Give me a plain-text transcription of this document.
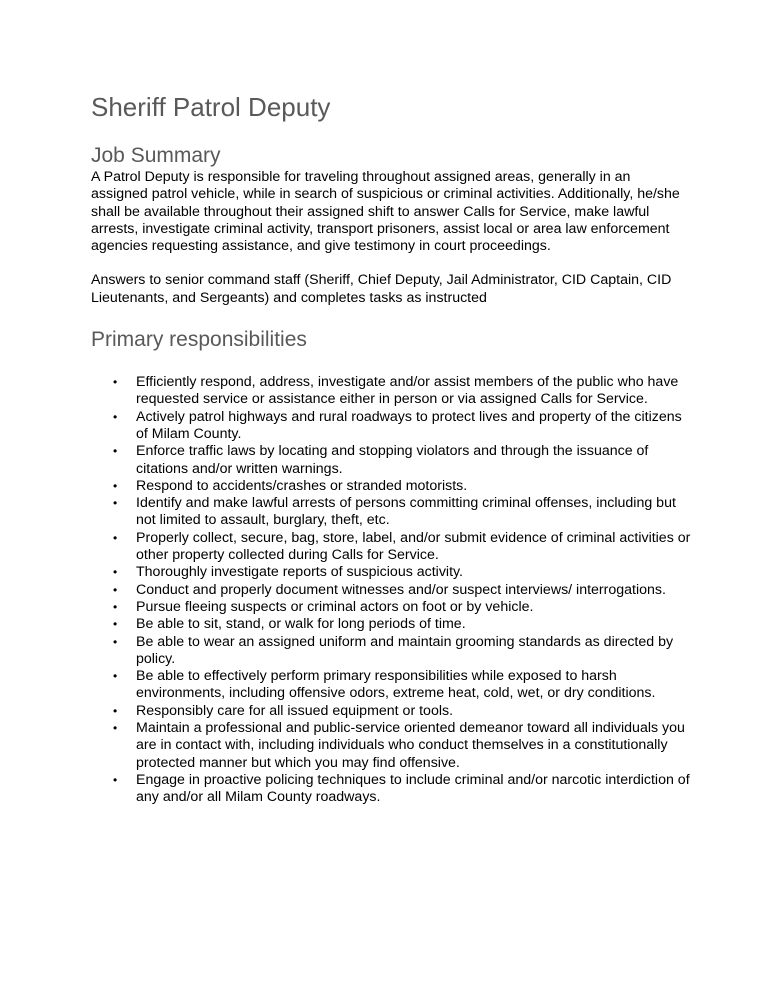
Sheriff Patrol Deputy
Job Summary

A Patrol Deputy is responsible for traveling throughout assigned areas, generally in an assigned patrol vehicle, while in search of suspicious or criminal activities. Additionally, he/she shall be available throughout their assigned shift to answer Calls for Service, make lawful arrests, investigate criminal activity, transport prisoners, assist local or area law enforcement agencies requesting assistance, and give testimony in court proceedings.

Answers to senior command staff (Sheriff, Chief Deputy, Jail Administrator, CID Captain, CID Lieutenants, and Sergeants) and completes tasks as instructed

Primary responsibilities
• Efficiently respond, address, investigate and/or assist members of the public who have requested service or assistance either in person or via assigned Calls for Service.
• Actively patrol highways and rural roadways to protect lives and property of the citizens of Milam County.
• Enforce traffic laws by locating and stopping violators and through the issuance of citations and/or written warnings.
• Respond to accidents/crashes or stranded motorists.
• Identify and make lawful arrests of persons committing criminal offenses, including but not limited to assault, burglary, theft, etc.
• Properly collect, secure, bag, store, label, and/or submit evidence of criminal activities or other property collected during Calls for Service.
• Thoroughly investigate reports of suspicious activity.
• Conduct and properly document witnesses and/or suspect interviews/ interrogations.
• Pursue fleeing suspects or criminal actors on foot or by vehicle.
• Be able to sit, stand, or walk for long periods of time.
• Be able to wear an assigned uniform and maintain grooming standards as directed by policy.
• Be able to effectively perform primary responsibilities while exposed to harsh environments, including offensive odors, extreme heat, cold, wet, or dry conditions.
• Responsibly care for all issued equipment or tools.
• Maintain a professional and public-service oriented demeanor toward all individuals you are in contact with, including individuals who conduct themselves in a constitutionally protected manner but which you may find offensive.
• Engage in proactive policing techniques to include criminal and/or narcotic interdiction of any and/or all Milam County roadways.
